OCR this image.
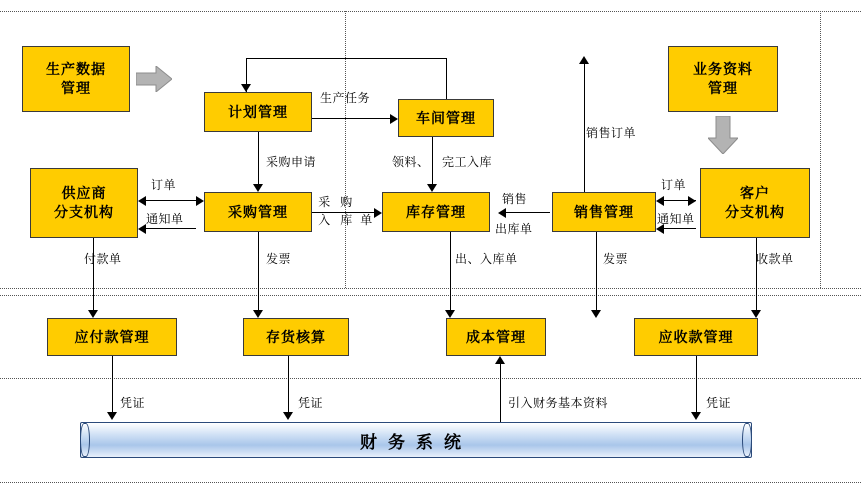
生产数据
管理
计划管理	车间管理
业务资料
管理
生产任务
供应商
分支机构	采购管理	库存管理	销售管理
客户
分支机构
采购申请	领料、 完工入库
订单
通知单
采
入
购
库 单
销售
出库单
订单
通知单
销售订单
应付款管理	存货核算	成本管理	应收款管理
付款单	发票	出、入库单	发票	收款单
凭证	凭证	引入财务基本资料	凭证
财务系统
